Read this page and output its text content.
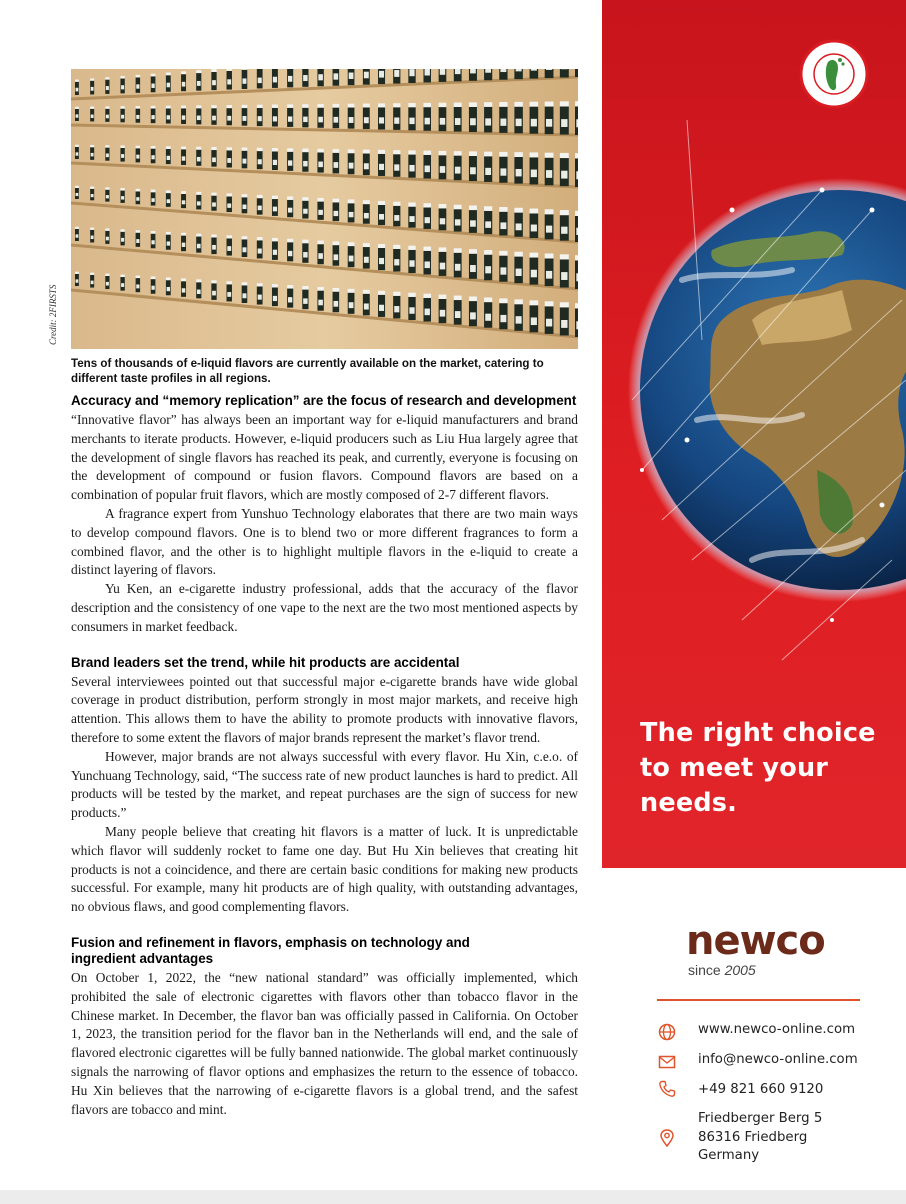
Credit: 2FIRSTS
Tens of thousands of e-liquid flavors are currently available on the market, catering to different taste profiles in all regions.
Accuracy and “memory replication” are the focus of research and development

“Innovative flavor” has always been an important way for e-liquid manufacturers and brand merchants to iterate products. However, e-liquid producers such as Liu Hua largely agree that the development of single flavors has reached its peak, and currently, everyone is focusing on the development of compound or fusion flavors. Compound flavors are based on a combination of popular fruit flavors, which are mostly composed of 2-7 different flavors.

A fragrance expert from Yunshuo Technology elaborates that there are two main ways to develop compound flavors. One is to blend two or more different fragrances to form a combined flavor, and the other is to highlight multiple flavors in the e-liquid to create a distinct layering of flavors.

Yu Ken, an e-cigarette industry professional, adds that the accuracy of the flavor description and the consistency of one vape to the next are the two most mentioned aspects by consumers in market feedback.

Brand leaders set the trend, while hit products are accidental

Several interviewees pointed out that successful major e-cigarette brands have wide global coverage in product distribution, perform strongly in most major markets, and receive high attention. This allows them to have the ability to promote products with innovative flavors, therefore to some extent the flavors of major brands represent the market’s flavor trend.

However, major brands are not always successful with every flavor. Hu Xin, c.e.o. of Yunchuang Technology, said, “The success rate of new product launches is hard to predict. All products will be tested by the market, and repeat purchases are the sign of success for new products.”

Many people believe that creating hit flavors is a matter of luck. It is unpredictable which flavor will suddenly rocket to fame one day. But Hu Xin believes that creating hit products is not a coincidence, and there are certain basic conditions for making new products successful. For example, many hit products are of high quality, with outstanding advantages, no obvious flaws, and good complementing flavors.

Fusion and refinement in flavors, emphasis on technology and ingredient advantages

On October 1, 2022, the “new national standard” was officially implemented, which prohibited the sale of electronic cigarettes with flavors other than tobacco flavor in the Chinese market. In December, the flavor ban was officially passed in California. On October 1, 2023, the transition period for the flavor ban in the Netherlands will end, and the sale of flavored electronic cigarettes will be fully banned nationwide. The global market continuously signals the narrowing of flavor options and emphasizes the return to the essence of tobacco. Hu Xin believes that the narrowing of e-cigarette flavors is a global trend, and the safest flavors are tobacco and mint.

The right choice
to meet your
needs.
newco
since 2005
www.newco-online.com
info@newco-online.com
+49 821 660 9120
Friedberger Berg 5
86316 Friedberg
Germany
